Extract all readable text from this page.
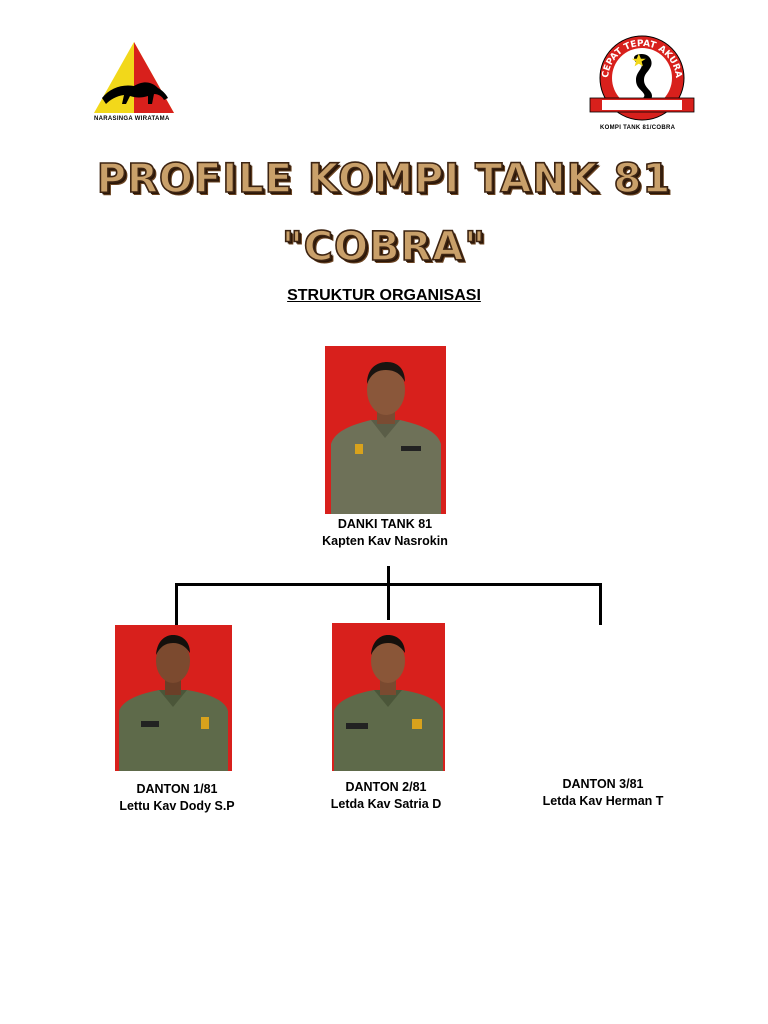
NARASINGA WIRATAMA
CEPAT TEPAT AKURA
KOMPI TANK 81/COBRA
PROFILE KOMPI TANK 81
"COBRA"
STRUKTUR ORGANISASI
DANKI TANK 81
Kapten Kav Nasrokin
DANTON 1/81
Lettu Kav Dody S.P
DANTON 2/81
Letda Kav Satria D
DANTON 3/81
Letda Kav Herman T
